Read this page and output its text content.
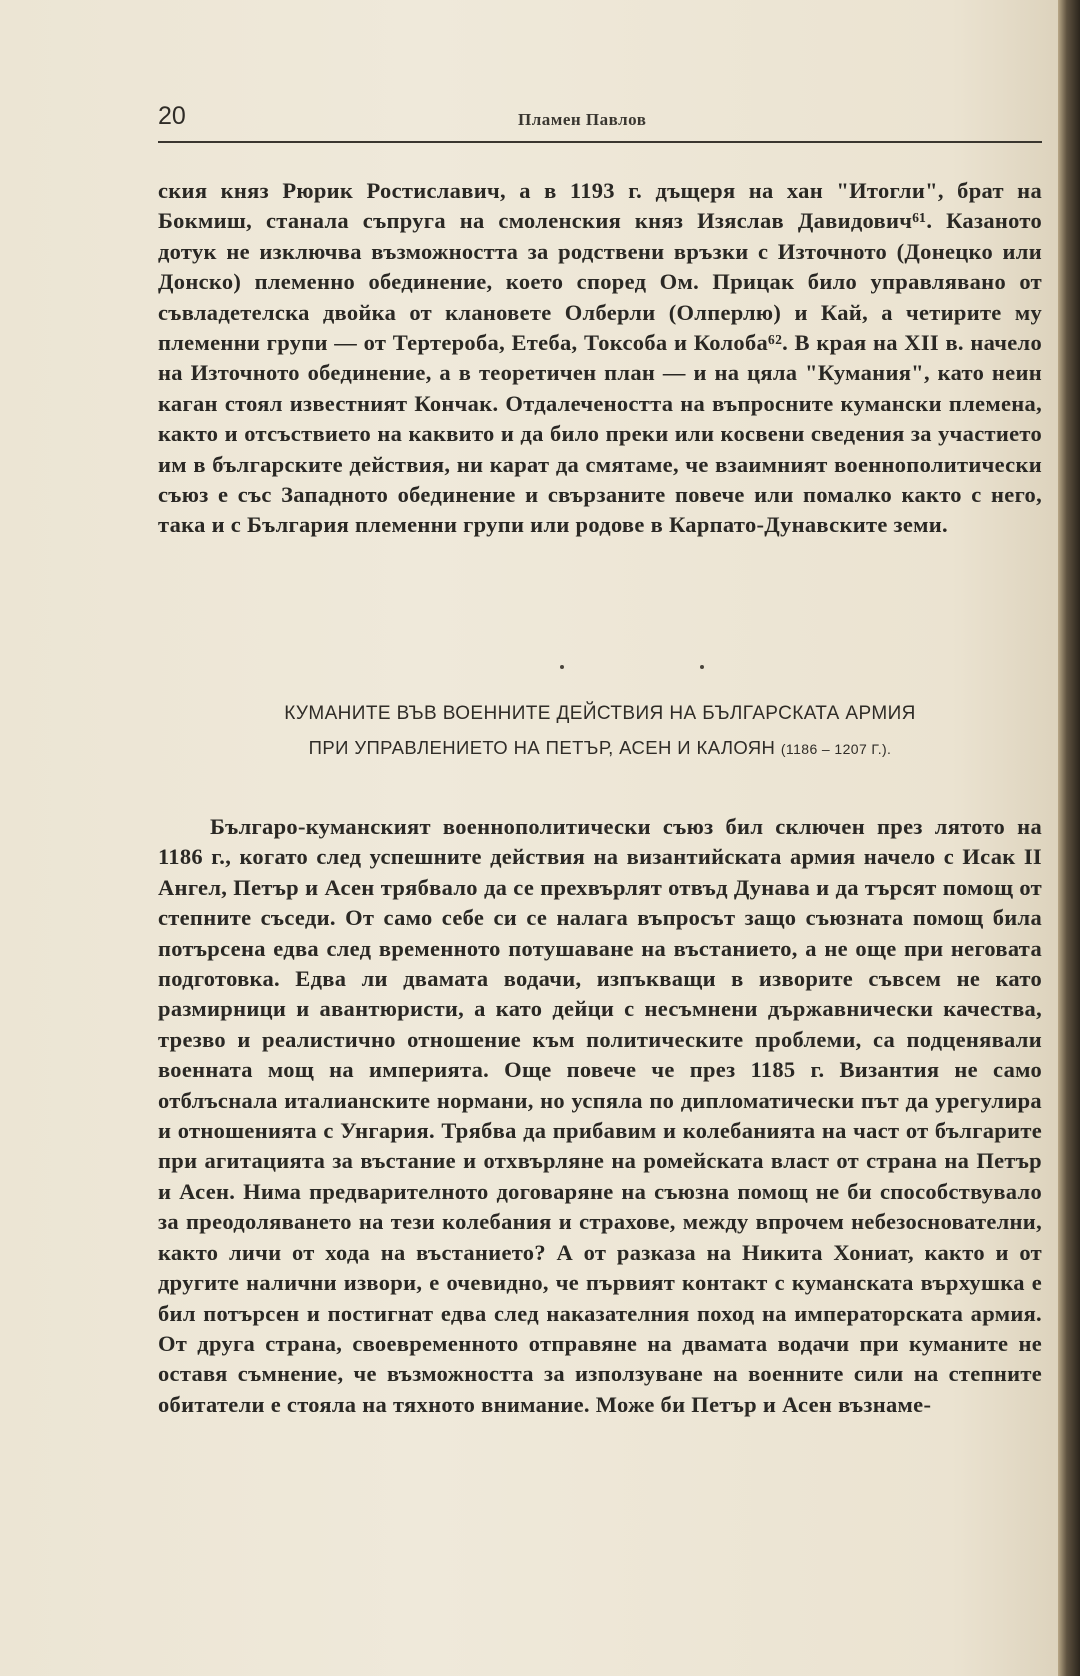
20	Пламен Павлов

ския княз Рюрик Ростиславич, а в 1193 г. дъщеря на хан "Итогли", брат на Бокмиш, станала съпруга на смоленския княз Изяслав Давидович⁶¹. Казаното дотук не изключва възможността за родствени връзки с Източното (Донецко или Донско) племенно обединение, което според Ом. Прицак било управлявано от съвладетелска двойка от клановете Олберли (Олперлю) и Кай, а четирите му племенни групи — от Тертероба, Етеба, Токсоба и Колоба⁶². В края на XII в. начело на Източното обединение, а в теоретичен план — и на цяла "Кумания", като неин каган стоял известният Кончак. Отдалечеността на въпросните кумански племена, както и отсъствието на каквито и да било преки или косвени сведения за участието им в българските действия, ни карат да смятаме, че взаимният военнополитически съюз е със Западното обединение и свързаните повече или помалко както с него, така и с България племенни групи или родове в Карпато-Дунавските земи.

КУМАНИТЕ ВЪВ ВОЕННИТЕ ДЕЙСТВИЯ НА БЪЛГАРСКАТА АРМИЯ
ПРИ УПРАВЛЕНИЕТО НА ПЕТЪР, АСЕН И КАЛОЯН (1186 – 1207 Г.).

Българо-куманският военнополитически съюз бил сключен през лятото на 1186 г., когато след успешните действия на византийската армия начело с Исак II Ангел, Петър и Асен трябвало да се прехвърлят отвъд Дунава и да търсят помощ от степните съседи. От само себе си се налага въпросът защо съюзната помощ била потърсена едва след временното потушаване на въстанието, а не още при неговата подготовка. Едва ли двамата водачи, изпъкващи в изворите съвсем не като размирници и авантюристи, а като дейци с несъмнени държавнически качества, трезво и реалистично отношение към политическите проблеми, са подценявали военната мощ на империята. Още повече че през 1185 г. Византия не само отблъснала италианските нормани, но успяла по дипломатически път да урегулира и отношенията с Унгария. Трябва да прибавим и колебанията на част от българите при агитацията за въстание и отхвърляне на ромейската власт от страна на Петър и Асен. Нима предварителното договаряне на съюзна помощ не би способствувало за преодоляването на тези колебания и страхове, между впрочем небезоснователни, както личи от хода на въстанието? А от разказа на Никита Хониат, както и от другите налични извори, е очевидно, че първият контакт с куманската върхушка е бил потърсен и постигнат едва след наказателния поход на императорската армия. От друга страна, своевременното отправяне на двамата водачи при куманите не оставя съмнение, че възможността за използуване на военните сили на степните обитатели е стояла на тяхното внимание. Може би Петър и Асен възнаме-
